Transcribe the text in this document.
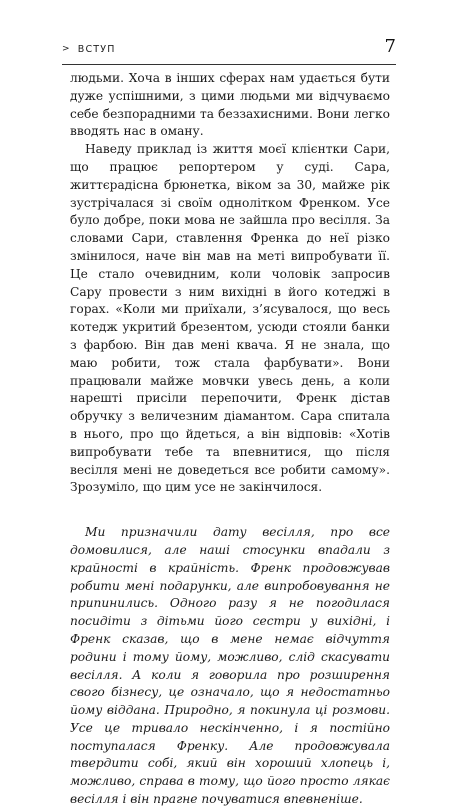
> ВСТУП	7

людьми. Хоча в інших сферах нам удається бути дуже успішними, з цими людьми ми відчуваємо себе безпорадними та беззахисними. Вони легко вводять нас в оману.

Наведу приклад із життя моєї клієнтки Сари, що працює репортером у суді. Сара, життєрадісна брюнетка, віком за 30, майже рік зустрічалася зі своїм однолітком Френком. Усе було добре, поки мова не зайшла про весілля. За словами Сари, ставлення Френка до неї різко змінилося, наче він мав на меті випробувати її. Це стало очевидним, коли чоловік запросив Сару провести з ним вихідні в його котеджі в горах. «Коли ми приїхали, з’ясувалося, що весь котедж укритий брезентом, усюди стояли банки з фарбою. Він дав мені квача. Я не знала, що маю робити, тож стала фарбувати». Вони працювали майже мовчки увесь день, а коли нарешті присіли перепочити, Френк дістав обручку з величезним діамантом. Сара спитала в нього, про що йдеться, а він відповів: «Хотів випробувати тебе та впевнитися, що після весілля мені не доведеться все робити самому». Зрозуміло, що цим усе не закінчилося.

Ми призначили дату весілля, про все домовилися, але наші стосунки впадали з крайності в крайність. Френк продовжував робити мені подарунки, але випробовування не припинились. Одного разу я не погодилася посидіти з дітьми його сестри у вихідні, і Френк сказав, що в мене немає відчуття родини і тому йому, можливо, слід скасувати весілля. А коли я говорила про розширення свого бізнесу, це означало, що я недостатньо йому віддана. Природно, я покинула ці розмови. Усе це тривало нескінченно, і я постійно поступалася Френку. Але продовжувала твердити собі, який він хороший хлопець і, можливо, справа в тому, що його просто лякає весілля і він прагне почуватися впевненіше.
